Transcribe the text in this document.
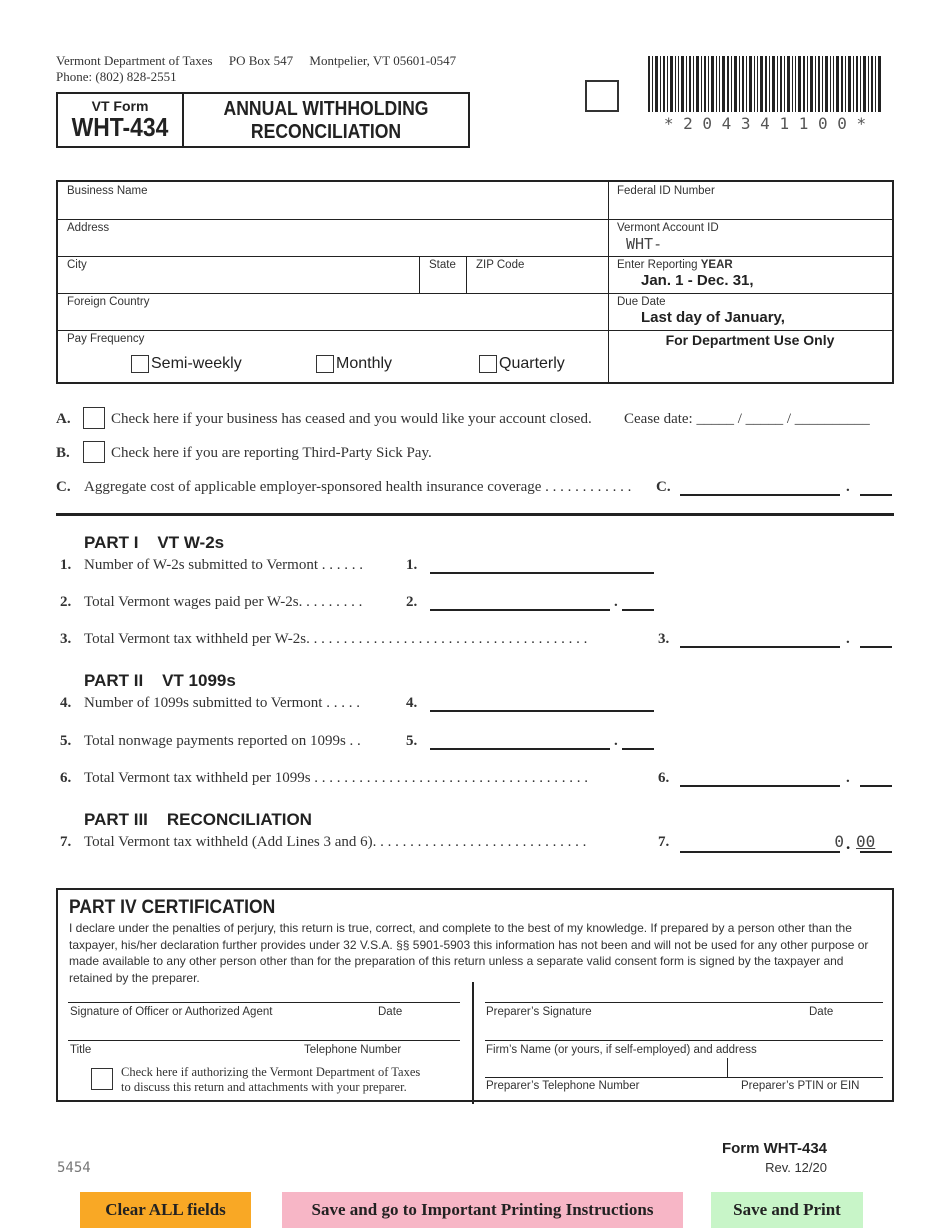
Vermont Department of Taxes PO Box 547 Montpelier, VT 05601-0547
Phone: (802) 828-2551
VT Form
WHT-434
ANNUAL WITHHOLDING
RECONCILIATION	* 2 0 4 3 4 1 1 0 0 *
Business Name	Federal ID Number
Address	Vermont Account ID
WHT-
City	State ZIP Code	Enter Reporting YEAR
Jan. 1 - Dec. 31,
Foreign Country	Due Date
Last day of January,
Pay Frequency	For Department Use Only
Semi-weekly	Monthly	Quarterly
A.	Check here if your business has ceased and you would like your account closed. Cease date: _____ / _____ / __________
B.	Check here if you are reporting Third-Party Sick Pay.
C. Aggregate cost of applicable employer-sponsored health insurance coverage . . . . . . . . . . . . C.	.
PART I VT W-2s
1. Number of W-2s submitted to Vermont . . . . . .	1.
2. Total Vermont wages paid per W-2s. . . . . . . . .	2.	.
3. Total Vermont tax withheld per W-2s. . . . . . . . . . . . . . . . . . . . . . . . . . . . . . . . . . . . . .	3.	.
PART II VT 1099s
4. Number of 1099s submitted to Vermont . . . . .	4.
5. Total nonwage payments reported on 1099s . .	5.	.
6. Total Vermont tax withheld per 1099s . . . . . . . . . . . . . . . . . . . . . . . . . . . . . . . . . . . . .	6.	.
PART III RECONCILIATION
7. Total Vermont tax withheld (Add Lines 3 and 6). . . . . . . . . . . . . . . . . . . . . . . . . . . . .	7.	0 . 00
PART IV CERTIFICATION
I declare under the penalties of perjury, this return is true, correct, and complete to the best of my knowledge. If prepared by a person other than the taxpayer, his/her declaration further provides under 32 V.S.A. §§ 5901-5903 this information has not been and will not be used for any other purpose or made available to any other person other than for the preparation of this return unless a separate valid consent form is signed by the taxpayer and retained by the preparer.
Signature of Officer or Authorized Agent	Date
Title	Telephone Number
Check here if authorizing the Vermont Department of Taxes
to discuss this return and attachments with your preparer.
Preparer’s Signature	Date
Firm’s Name (or yours, if self-employed) and address
Preparer’s Telephone Number	Preparer’s PTIN or EIN
5454
Form WHT-434
Rev. 12/20
Clear ALL fields	Save and go to Important Printing Instructions	Save and Print
